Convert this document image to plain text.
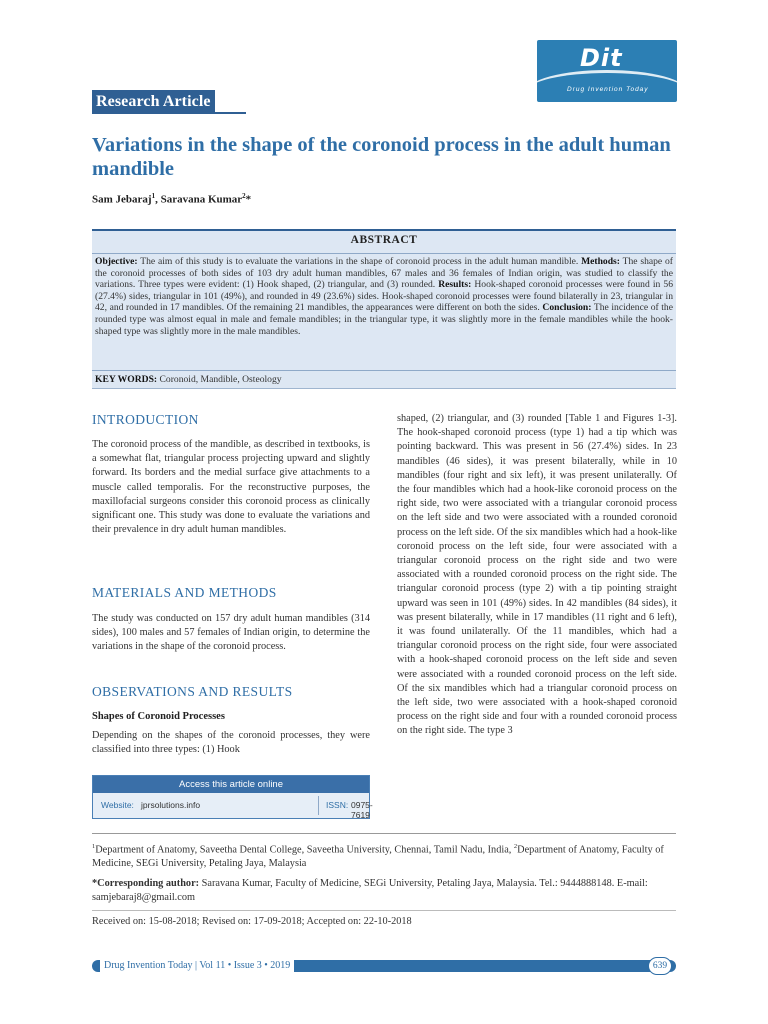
Research Article
Dit
Drug Invention Today
Variations in the shape of the coronoid process in the adult human mandible
Sam Jebaraj$^1$, Saravana Kumar$^2$*
ABSTRACT
Objective: The aim of this study is to evaluate the variations in the shape of coronoid process in the adult human mandible. Methods: The shape of the coronoid processes of both sides of 103 dry adult human mandibles, 67 males and 36 females of Indian origin, was studied to classify the variations. Three types were evident: (1) Hook shaped, (2) triangular, and (3) rounded. Results: Hook-shaped coronoid processes were found in 56 (27.4%) sides, triangular in 101 (49%), and rounded in 49 (23.6%) sides. Hook-shaped coronoid processes were found bilaterally in 23, triangular in 42, and rounded in 17 mandibles. Of the remaining 21 mandibles, the appearances were different on both the sides. Conclusion: The incidence of the rounded type was almost equal in male and female mandibles; in the triangular type, it was slightly more in the female mandibles while the hook-shaped type was slightly more in the male mandibles.
KEY WORDS: Coronoid, Mandible, Osteology
INTRODUCTION
The coronoid process of the mandible, as described in textbooks, is a somewhat flat, triangular process projecting upward and slightly forward. Its borders and the medial surface give attachments to a muscle called temporalis. For the reconstructive purposes, the maxillofacial surgeons consider this coronoid process as clinically significant one. This study was done to evaluate the variations and their prevalence in dry adult human mandibles.
MATERIALS AND METHODS
The study was conducted on 157 dry adult human mandibles (314 sides), 100 males and 57 females of Indian origin, to determine the variations in the shape of the coronoid process.
OBSERVATIONS AND RESULTS
Shapes of Coronoid Processes
Depending on the shapes of the coronoid processes, they were classified into three types: (1) Hook
Access this article online
Website: jprsolutions.info	ISSN: 0975-7619
shaped, (2) triangular, and (3) rounded [Table 1 and Figures 1-3]. The hook-shaped coronoid process (type 1) had a tip which was pointing backward. This was present in 56 (27.4%) sides. In 23 mandibles (46 sides), it was present bilaterally, while in 10 mandibles (four right and six left), it was present unilaterally. Of the four mandibles which had a hook-like coronoid process on the right side, two were associated with a triangular coronoid process on the left side and two were associated with a rounded coronoid process on the left side. Of the six mandibles which had a hook-like coronoid process on the left side, four were associated with a triangular coronoid process on the right side and two were associated with a rounded coronoid process on the right side. The triangular coronoid process (type 2) with a tip pointing straight upward was seen in 101 (49%) sides. In 42 mandibles (84 sides), it was present bilaterally, while in 17 mandibles (11 right and 6 left), it was found unilaterally. Of the 11 mandibles, which had a triangular coronoid process on the right side, four were associated with a hook-shaped coronoid process on the left side and seven were associated with a rounded coronoid process on the left side. Of the six mandibles which had a triangular coronoid process on the left side, two were associated with a hook-shaped coronoid process on the right side and four with a rounded coronoid process on the right side. The type 3
$^1$Department of Anatomy, Saveetha Dental College, Saveetha University, Chennai, Tamil Nadu, India, $^2$Department of Anatomy, Faculty of Medicine, SEGi University, Petaling Jaya, Malaysia
*Corresponding author: Saravana Kumar, Faculty of Medicine, SEGi University, Petaling Jaya, Malaysia. Tel.: 9444888148. E-mail: samjebaraj8@gmail.com
Received on: 15-08-2018; Revised on: 17-09-2018; Accepted on: 22-10-2018
Drug Invention Today | Vol 11 • Issue 3 • 2019	639
